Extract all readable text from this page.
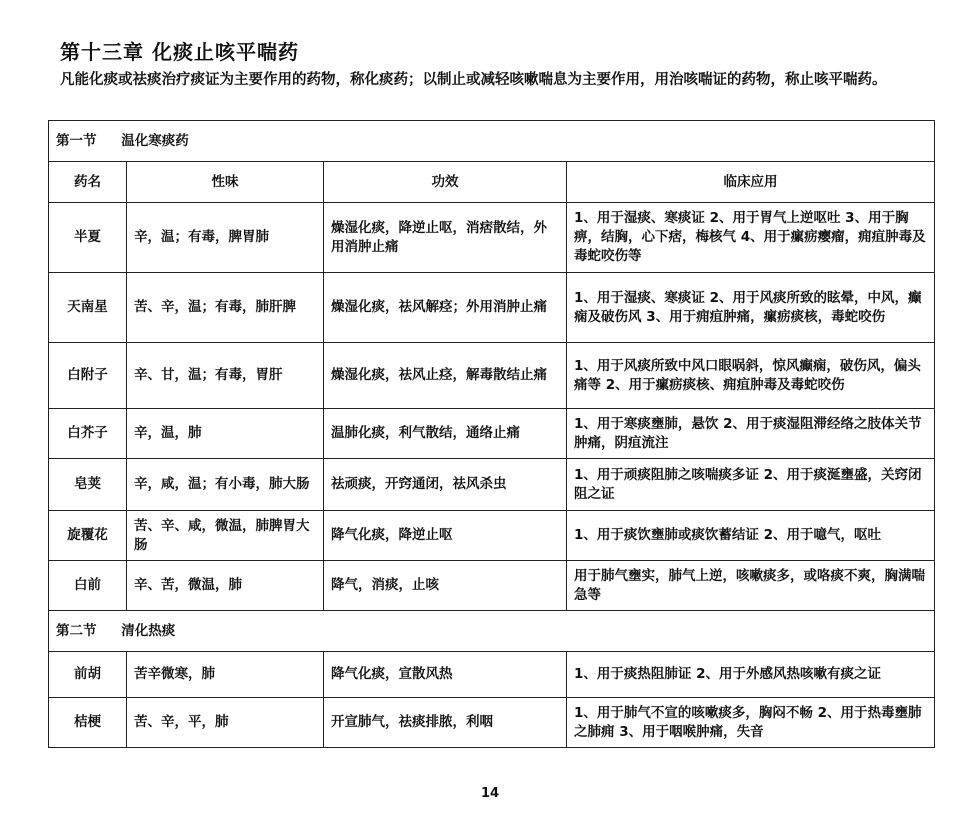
第十三章 化痰止咳平喘药
凡能化痰或祛痰治疗痰证为主要作用的药物，称化痰药；以制止或减轻咳嗽喘息为主要作用，用治咳喘证的药物，称止咳平喘药。
第一节 温化寒痰药			
药名	性味	功效	临床应用
半夏	辛，温；有毒，脾胃肺	燥湿化痰，降逆止呕，消痞散结，外用消肿止痛	1、用于湿痰、寒痰证 2、用于胃气上逆呕吐 3、用于胸痹，结胸，心下痞，梅核气 4、用于瘰疬瘿瘤，痈疽肿毒及毒蛇咬伤等
天南星	苦、辛，温；有毒，肺肝脾	燥湿化痰，祛风解痉；外用消肿止痛	1、用于湿痰、寒痰证 2、用于风痰所致的眩晕，中风，癫痫及破伤风 3、用于痈疽肿痛，瘰疬痰核，毒蛇咬伤
白附子	辛、甘，温；有毒，胃肝	燥湿化痰，祛风止痉，解毒散结止痛	1、用于风痰所致中风口眼㖞斜，惊风癫痫，破伤风，偏头痛等 2、用于瘰疬痰核、痈疽肿毒及毒蛇咬伤
白芥子	辛，温，肺	温肺化痰，利气散结，通络止痛	1、用于寒痰壅肺，悬饮 2、用于痰湿阻滞经络之肢体关节肿痛，阴疽流注
皂荚	辛，咸，温；有小毒，肺大肠	祛顽痰，开窍通闭，祛风杀虫	1、用于顽痰阻肺之咳喘痰多证 2、用于痰涎壅盛，关窍闭阻之证
旋覆花	苦、辛、咸，微温，肺脾胃大肠	降气化痰，降逆止呕	1、用于痰饮壅肺或痰饮蓄结证 2、用于噫气，呕吐
白前	辛、苦，微温，肺	降气，消痰，止咳	用于肺气壅实，肺气上逆，咳嗽痰多，或咯痰不爽，胸满喘急等
第二节 清化热痰			
前胡	苦辛微寒，肺	降气化痰，宣散风热	1、用于痰热阻肺证 2、用于外感风热咳嗽有痰之证
桔梗	苦、辛，平，肺	开宣肺气，祛痰排脓，利咽	1、用于肺气不宣的咳嗽痰多，胸闷不畅 2、用于热毒壅肺之肺痈 3、用于咽喉肿痛，失音
14
